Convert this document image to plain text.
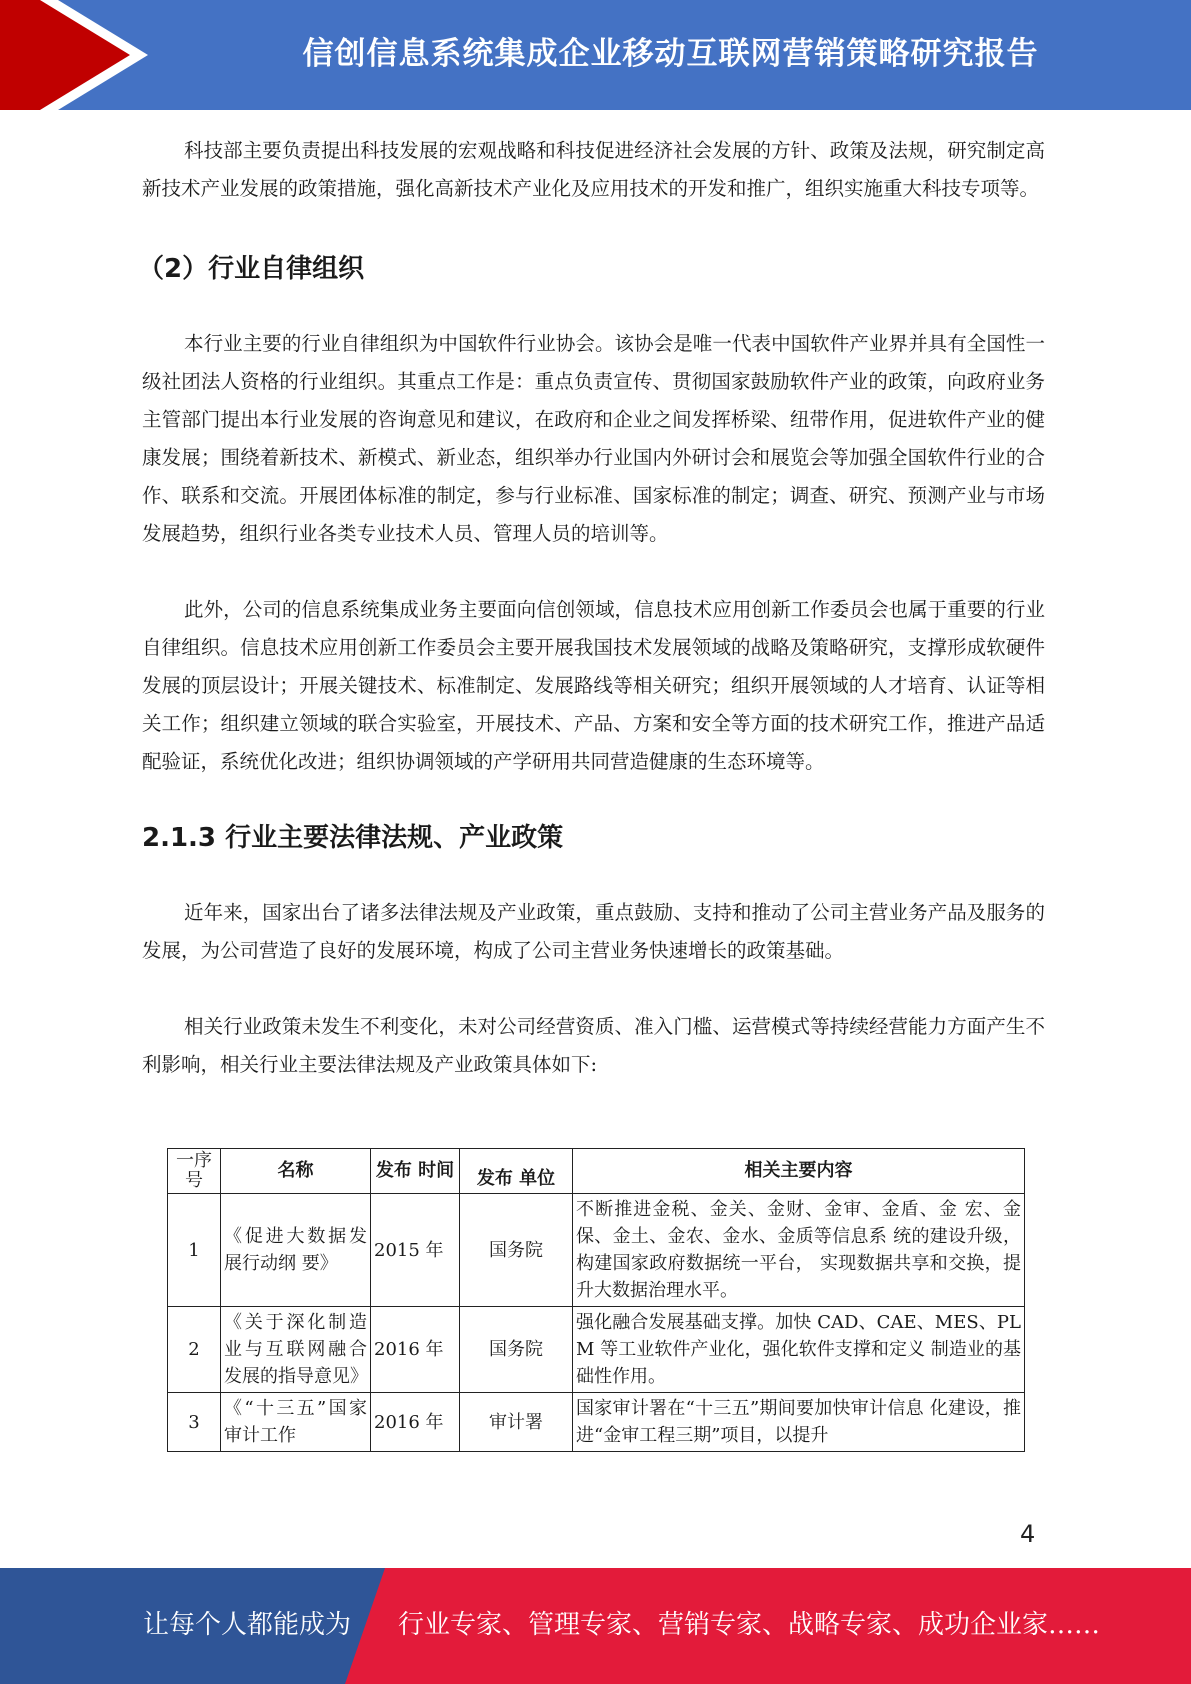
信创信息系统集成企业移动互联网营销策略研究报告

科技部主要负责提出科技发展的宏观战略和科技促进经济社会发展的方针、政策及法规，研究制定高新技术产业发展的政策措施，强化高新技术产业化及应用技术的开发和推广，组织实施重大科技专项等。

（2）行业自律组织

本行业主要的行业自律组织为中国软件行业协会。该协会是唯一代表中国软件产业界并具有全国性一级社团法人资格的行业组织。其重点工作是：重点负责宣传、贯彻国家鼓励软件产业的政策，向政府业务主管部门提出本行业发展的咨询意见和建议，在政府和企业之间发挥桥梁、纽带作用，促进软件产业的健康发展；围绕着新技术、新模式、新业态，组织举办行业国内外研讨会和展览会等加强全国软件行业的合作、联系和交流。开展团体标准的制定，参与行业标准、国家标准的制定；调查、研究、预测产业与市场发展趋势，组织行业各类专业技术人员、管理人员的培训等。

此外，公司的信息系统集成业务主要面向信创领域，信息技术应用创新工作委员会也属于重要的行业自律组织。信息技术应用创新工作委员会主要开展我国技术发展领域的战略及策略研究，支撑形成软硬件发展的顶层设计；开展关键技术、标准制定、发展路线等相关研究；组织开展领域的人才培育、认证等相关工作；组织建立领域的联合实验室，开展技术、产品、方案和安全等方面的技术研究工作，推进产品适配验证，系统优化改进；组织协调领域的产学研用共同营造健康的生态环境等。

2.1.3 行业主要法律法规、产业政策

近年来，国家出台了诸多法律法规及产业政策，重点鼓励、支持和推动了公司主营业务产品及服务的发展，为公司营造了良好的发展环境，构成了公司主营业务快速增长的政策基础。

相关行业政策未发生不利变化，未对公司经营资质、准入门槛、运营模式等持续经营能力方面产生不利影响，相关行业主要法律法规及产业政策具体如下:

一序号	名称	发布 时间	发布 单位	相关主要内容
1	《促进大数据发展行动纲 要》	2015 年	国务院	不断推进金税、金关、金财、金审、金盾、金 宏、金保、金土、金农、金水、金质等信息系 统的建设升级，构建国家政府数据统一平台， 实现数据共享和交换，提升大数据治理水平。
2	《关于深化制造业与互联网融合发展的指导意见》	2016 年	国务院	强化融合发展基础支撑。加快 CAD、CAE、MES、PLM 等工业软件产业化，强化软件支撑和定义 制造业的基础性作用。
3	《“十三五”国家审计工作	2016 年	审计署	国家审计署在“十三五”期间要加快审计信息 化建设，推进“金审工程三期”项目，以提升
4
让每个人都能成为 行业专家、管理专家、营销专家、战略专家、成功企业家……
